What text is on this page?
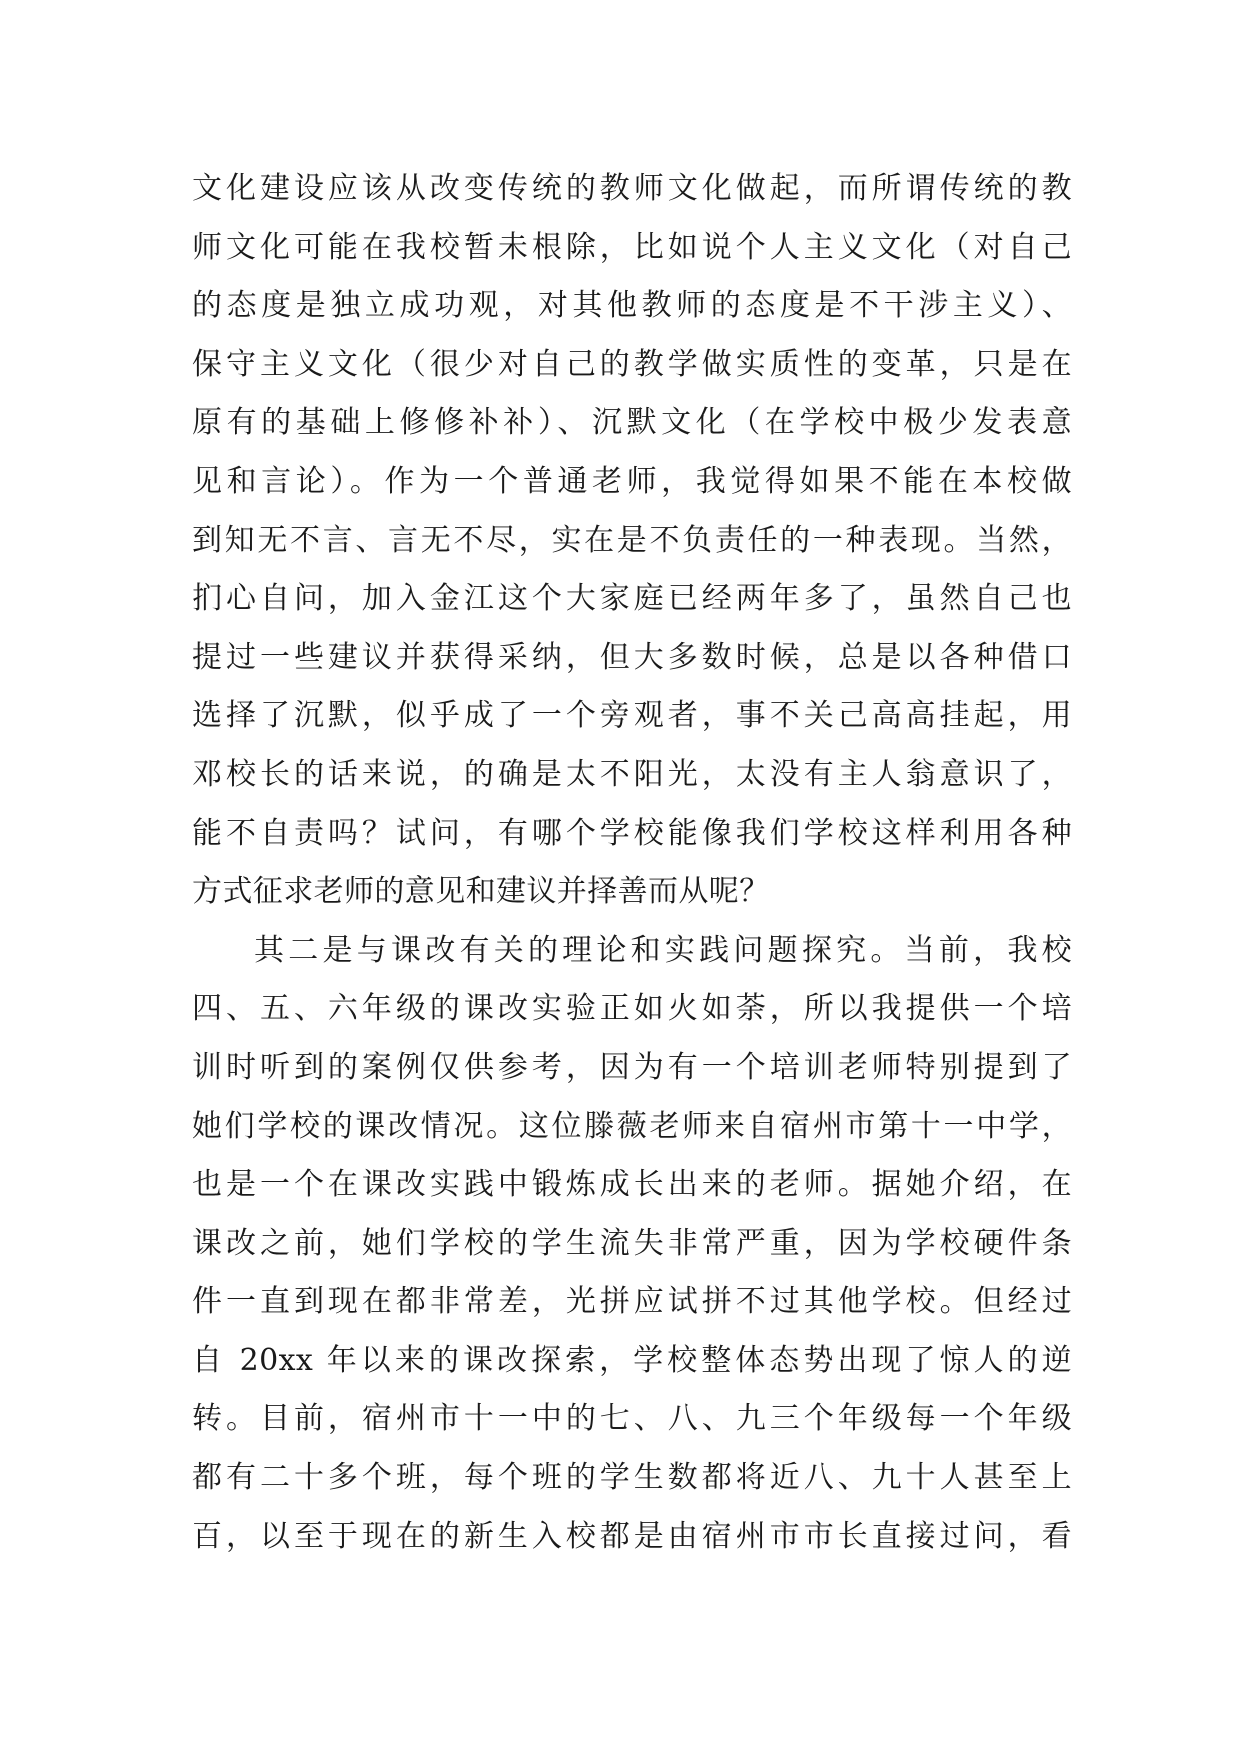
文化建设应该从改变传统的教师文化做起，而所谓传统的教
师文化可能在我校暂未根除，比如说个人主义文化（对自己
的态度是独立成功观，对其他教师的态度是不干涉主义）、
保守主义文化（很少对自己的教学做实质性的变革，只是在
原有的基础上修修补补）、沉默文化（在学校中极少发表意
见和言论）。作为一个普通老师，我觉得如果不能在本校做
到知无不言、言无不尽，实在是不负责任的一种表现。当然，
扪心自问，加入金江这个大家庭已经两年多了，虽然自己也
提过一些建议并获得采纳，但大多数时候，总是以各种借口
选择了沉默，似乎成了一个旁观者，事不关己高高挂起，用
邓校长的话来说，的确是太不阳光，太没有主人翁意识了，
能不自责吗？试问，有哪个学校能像我们学校这样利用各种
方式征求老师的意见和建议并择善而从呢？
其二是与课改有关的理论和实践问题探究。当前，我校
四、五、六年级的课改实验正如火如荼，所以我提供一个培
训时听到的案例仅供参考，因为有一个培训老师特别提到了
她们学校的课改情况。这位滕薇老师来自宿州市第十一中学，
也是一个在课改实践中锻炼成长出来的老师。据她介绍，在
课改之前，她们学校的学生流失非常严重，因为学校硬件条
件一直到现在都非常差，光拼应试拼不过其他学校。但经过
自 20xx 年以来的课改探索，学校整体态势出现了惊人的逆
转。目前，宿州市十一中的七、八、九三个年级每一个年级
都有二十多个班，每个班的学生数都将近八、九十人甚至上
百，以至于现在的新生入校都是由宿州市市长直接过问，看
